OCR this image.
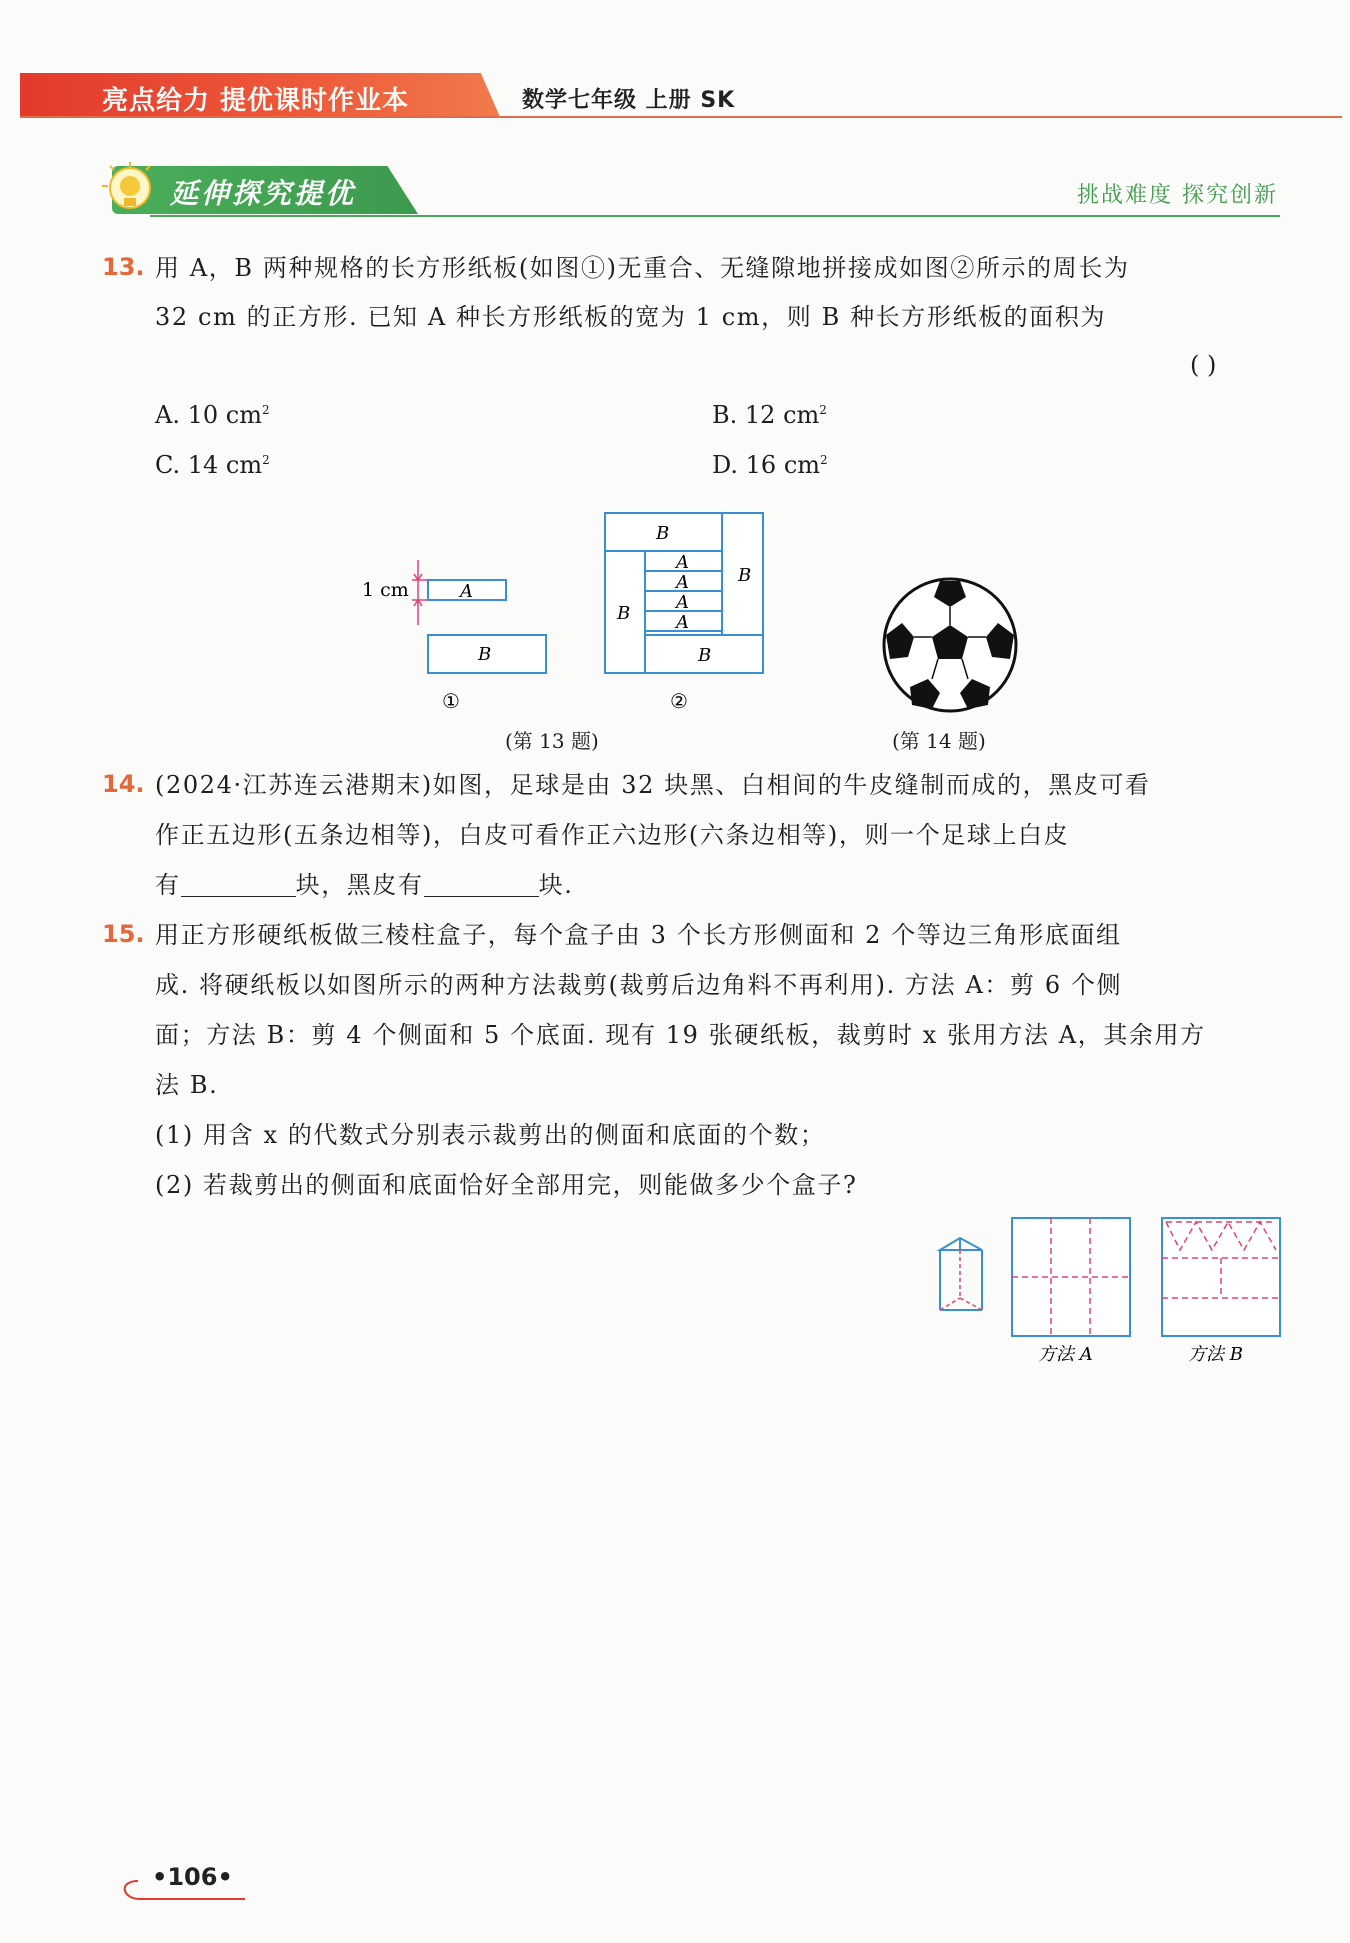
亮点给力 提优课时作业本	数学七年级 上册 SK
延伸探究提优	挑战难度 探究创新
13. 用 A，B 两种规格的长方形纸板(如图①)无重合、无缝隙地拼接成如图②所示的周长为
32 cm 的正方形. 已知 A 种长方形纸板的宽为 1 cm，则 B 种长方形纸板的面积为
( )
A. 10 $cm^2$	B. 12 $cm^2$
C. 14 $cm^2$	D. 16 $cm^2$
1 cm	A
B
B
B
B
B
A
A
A
A
①	②
(第 13 题)	(第 14 题)
14. (2024·江苏连云港期末)如图，足球是由 32 块黑、白相间的牛皮缝制而成的，黑皮可看
作正五边形(五条边相等)，白皮可看作正六边形(六条边相等)，则一个足球上白皮
有	块，黑皮有	块.
15. 用正方形硬纸板做三棱柱盒子，每个盒子由 3 个长方形侧面和 2 个等边三角形底面组
成. 将硬纸板以如图所示的两种方法裁剪(裁剪后边角料不再利用). 方法 A：剪 6 个侧
面；方法 B：剪 4 个侧面和 5 个底面. 现有 19 张硬纸板，裁剪时 x 张用方法 A，其余用方
法 B.
(1) 用含 x 的代数式分别表示裁剪出的侧面和底面的个数；
(2) 若裁剪出的侧面和底面恰好全部用完，则能做多少个盒子?
方法 A	方法 B
•106•
